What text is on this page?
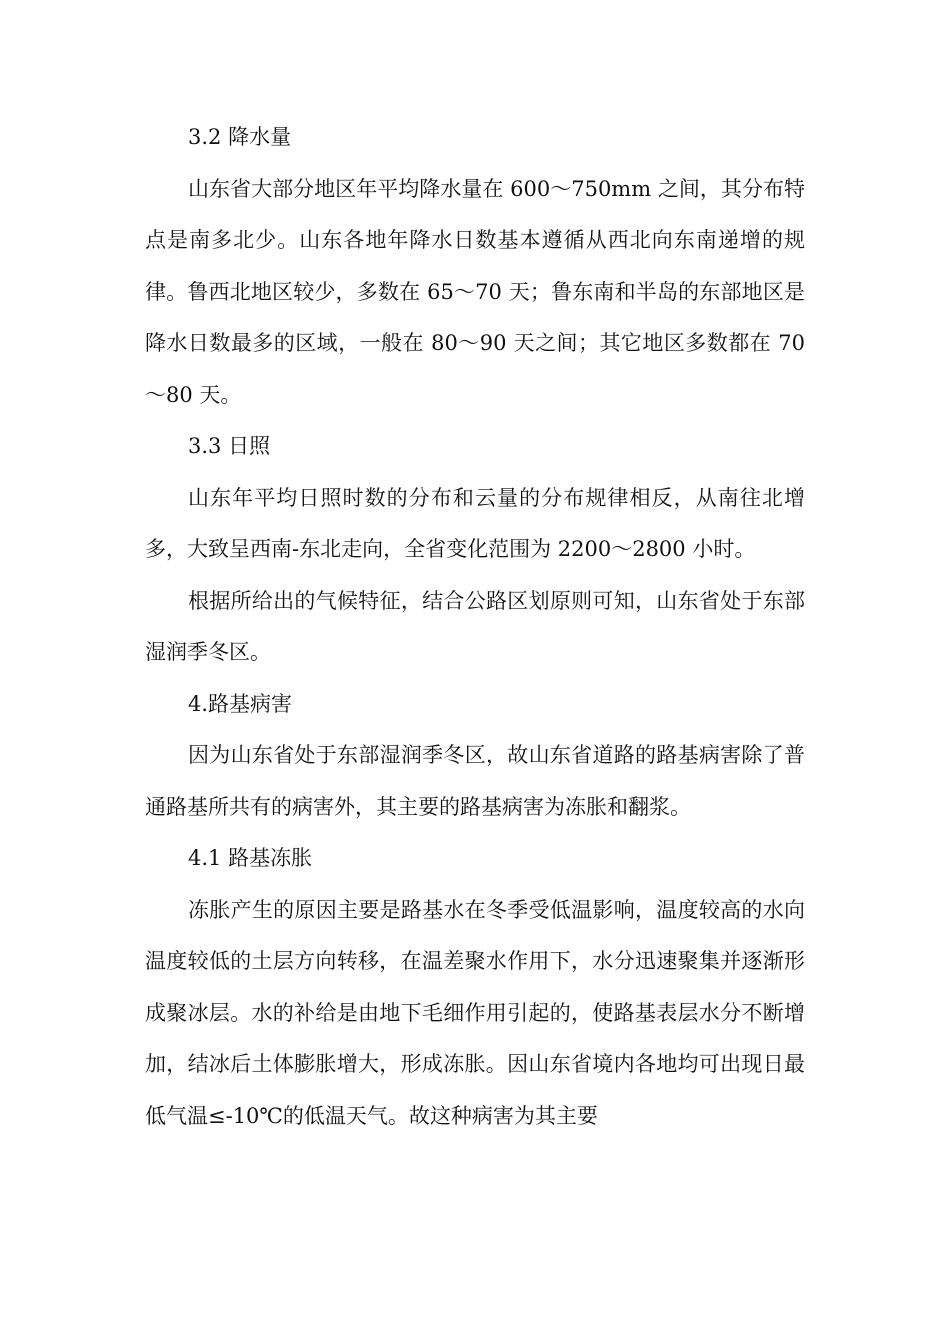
3.2 降水量

山东省大部分地区年平均降水量在 600～750mm 之间，其分布特点是南多北少。山东各地年降水日数基本遵循从西北向东南递增的规律。鲁西北地区较少，多数在 65～70 天；鲁东南和半岛的东部地区是降水日数最多的区域，一般在 80～90 天之间；其它地区多数都在 70～80 天。

3.3 日照

山东年平均日照时数的分布和云量的分布规律相反，从南往北增多，大致呈西南-东北走向，全省变化范围为 2200～2800 小时。

根据所给出的气候特征，结合公路区划原则可知，山东省处于东部湿润季冬区。

4.路基病害

因为山东省处于东部湿润季冬区，故山东省道路的路基病害除了普通路基所共有的病害外，其主要的路基病害为冻胀和翻浆。

4.1 路基冻胀

冻胀产生的原因主要是路基水在冬季受低温影响，温度较高的水向温度较低的土层方向转移，在温差聚水作用下，水分迅速聚集并逐渐形成聚冰层。水的补给是由地下毛细作用引起的，使路基表层水分不断增加，结冰后土体膨胀增大，形成冻胀。因山东省境内各地均可出现日最低气温≤-10℃的低温天气。故这种病害为其主要
